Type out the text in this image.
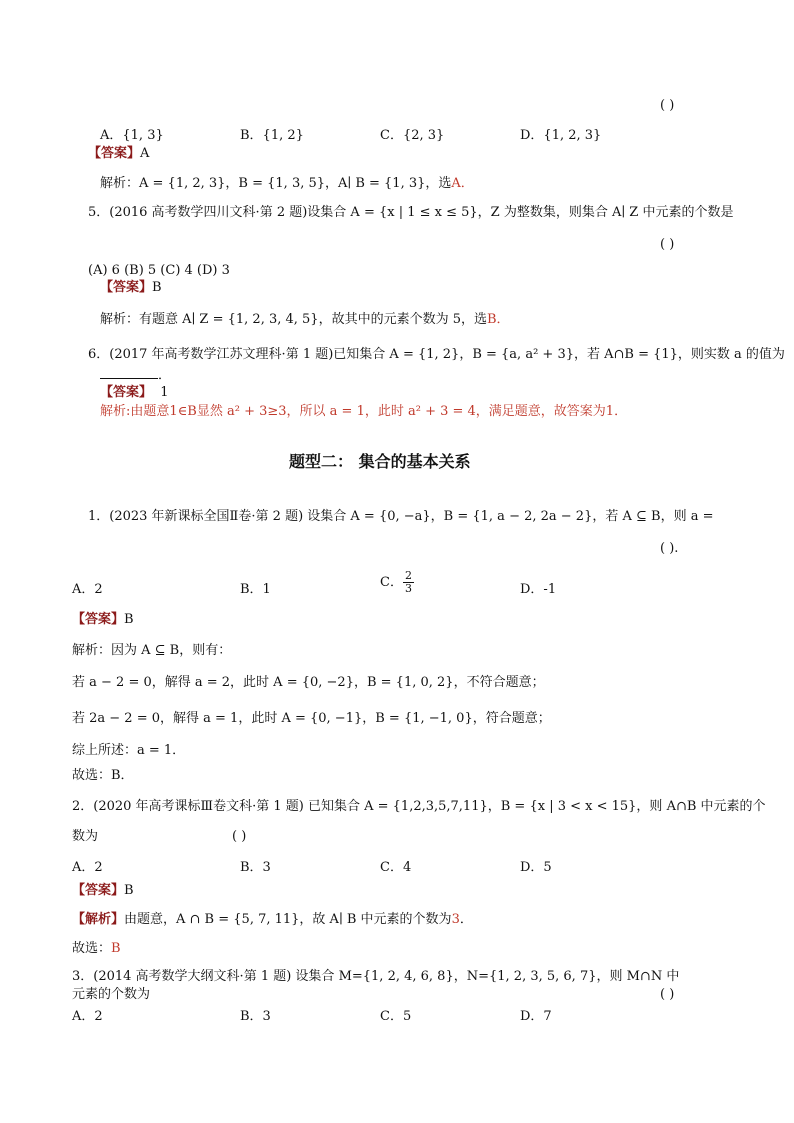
( )
A．{1, 3}	B．{1, 2}	C．{2, 3}	D．{1, 2, 3}
【答案】A
解析：A = {1, 2, 3}，B = {1, 3, 5}，A∣ B = {1, 3}，选A．
5．(2016 高考数学四川文科·第 2 题)设集合 A = {x | 1 ≤ x ≤ 5}，Z 为整数集，则集合 A∣ Z 中元素的个数是
( )
(A) 6 (B) 5 (C) 4 (D) 3
【答案】B
解析：有题意 A∣ Z = {1, 2, 3, 4, 5}，故其中的元素个数为 5，选B．
6．(2017 年高考数学江苏文理科·第 1 题)已知集合 A = {1, 2}，B = {a, a² + 3}，若 A∩B = {1}，则实数 a 的值为
．
【答案】 1
解析:由题意1∈B显然 a² + 3≥3，所以 a = 1，此时 a² + 3 = 4，满足题意，故答案为1．
题型二： 集合的基本关系
1．(2023 年新课标全国Ⅱ卷·第 2 题) 设集合 A = {0, −a}，B = {1, a − 2, 2a − 2}，若 A ⊆ B，则 a =
( ).
A．2	B．1	C． $\frac{2}{3}$	D．-1
【答案】B
解析：因为 A ⊆ B，则有：
若 a − 2 = 0，解得 a = 2，此时 A = {0, −2}，B = {1, 0, 2}，不符合题意；
若 2a − 2 = 0，解得 a = 1，此时 A = {0, −1}，B = {1, −1, 0}，符合题意；
综上所述：a = 1．
故选：B．
2．(2020 年高考课标Ⅲ卷文科·第 1 题) 已知集合 A = {1,2,3,5,7,11}，B = {x | 3 < x < 15}，则 A∩B 中元素的个
数为	( )
A．2	B．3	C．4	D．5
【答案】B
【解析】由题意，A ∩ B = {5, 7, 11}，故 A∣ B 中元素的个数为3．
故选：B
3．(2014 高考数学大纲文科·第 1 题) 设集合 M={1, 2, 4, 6, 8}，N={1, 2, 3, 5, 6, 7}，则 M∩N 中
元素的个数为	( )
A．2	B．3	C．5	D．7
